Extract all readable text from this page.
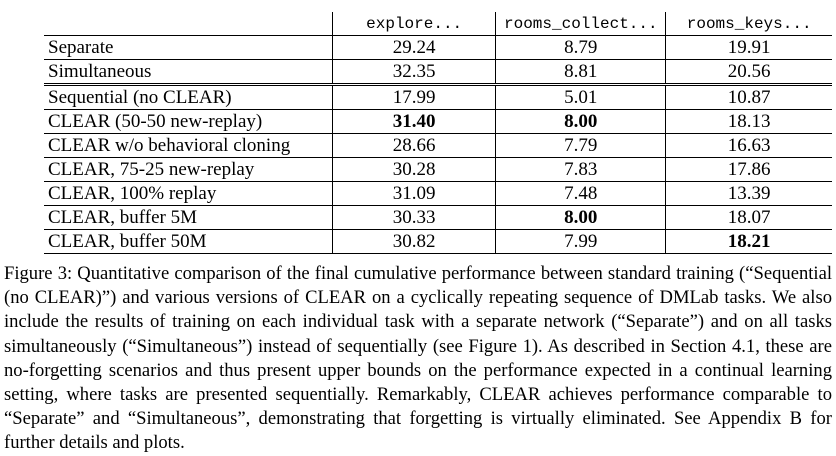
	explore...	rooms_collect...	rooms_keys...
Separate	29.24	8.79	19.91
Simultaneous	32.35	8.81	20.56
Sequential (no CLEAR)	17.99	5.01	10.87
CLEAR (50-50 new-replay)	31.40	8.00	18.13
CLEAR w/o behavioral cloning	28.66	7.79	16.63
CLEAR, 75-25 new-replay	30.28	7.83	17.86
CLEAR, 100% replay	31.09	7.48	13.39
CLEAR, buffer 5M	30.33	8.00	18.07
CLEAR, buffer 50M	30.82	7.99	18.21

Figure 3: Quantitative comparison of the final cumulative performance between standard training (“Sequential (no CLEAR)”) and various versions of CLEAR on a cyclically repeating sequence of DMLab tasks. We also include the results of training on each individual task with a separate network (“Separate”) and on all tasks simultaneously (“Simultaneous”) instead of sequentially (see Figure 1). As described in Section 4.1, these are no-forgetting scenarios and thus present upper bounds on the performance expected in a continual learning setting, where tasks are presented sequentially. Remarkably, CLEAR achieves performance comparable to “Separate” and “Simultaneous”, demonstrating that forgetting is virtually eliminated. See Appendix B for further details and plots.
